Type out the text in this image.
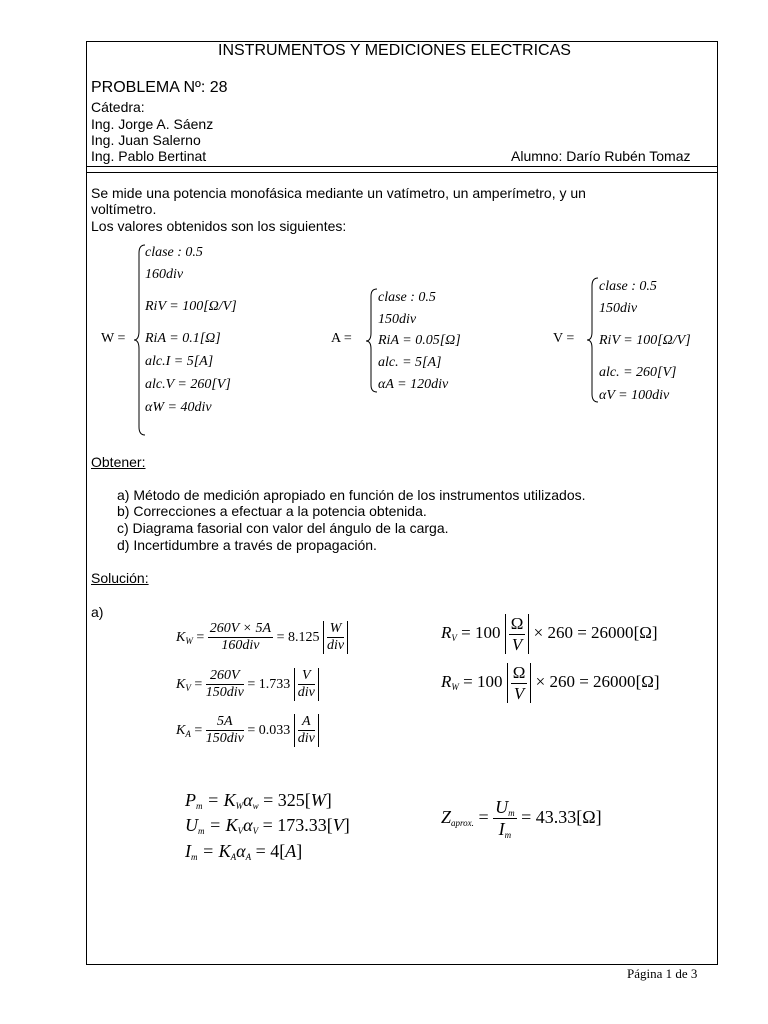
INSTRUMENTOS Y MEDICIONES ELECTRICAS
PROBLEMA Nº: 28
Cátedra:
Ing. Jorge A. Sáenz
Ing. Juan Salerno
Ing. Pablo Bertinat	Alumno: Darío Rubén Tomaz
Se mide una potencia monofásica mediante un vatímetro, un amperímetro, y un
voltímetro.
Los valores obtenidos son los siguientes:
W =
clase : 0.5
160div
RiV = 100[Ω/V]
RiA = 0.1[Ω]
alc.I = 5[A]
alc.V = 260[V]
αW = 40div
A =
clase : 0.5
150div
RiA = 0.05[Ω]
alc. = 5[A]
αA = 120div
V =
clase : 0.5
150div
RiV = 100[Ω/V]
alc. = 260[V]
αV = 100div
Obtener:
a) Método de medición apropiado en función de los instrumentos utilizados.
b) Correcciones a efectuar a la potencia obtenida.
c) Diagrama fasorial con valor del ángulo de la carga.
d) Incertidumbre a través de propagación.
Solución:
a)
$K_W = \frac{260V \times 5A}{\text{160div}} = 8.125 \frac{W}{\text{div}}$
$K_V = \frac{260V}{\text{150div}} = 1.733 \frac{V}{\text{div}}$
$K_A = \frac{5A}{\text{150div}} = 0.033 \frac{A}{\text{div}}$
$R_V = 100 \frac{\Omega}{V} \times 260 = 26000[\Omega]$
$R_W = 100 \frac{\Omega}{V} \times 260 = 26000[\Omega]$
$P_m = K_W\alpha_w = 325[W]$
$U_m = K_V\alpha_V = 173.33[V]$
$I_m = K_A\alpha_A = 4[A]$
$Z_{aprox.} = \frac{U_m}{I_m} = 43.33[\Omega]$
Página 1 de 3
